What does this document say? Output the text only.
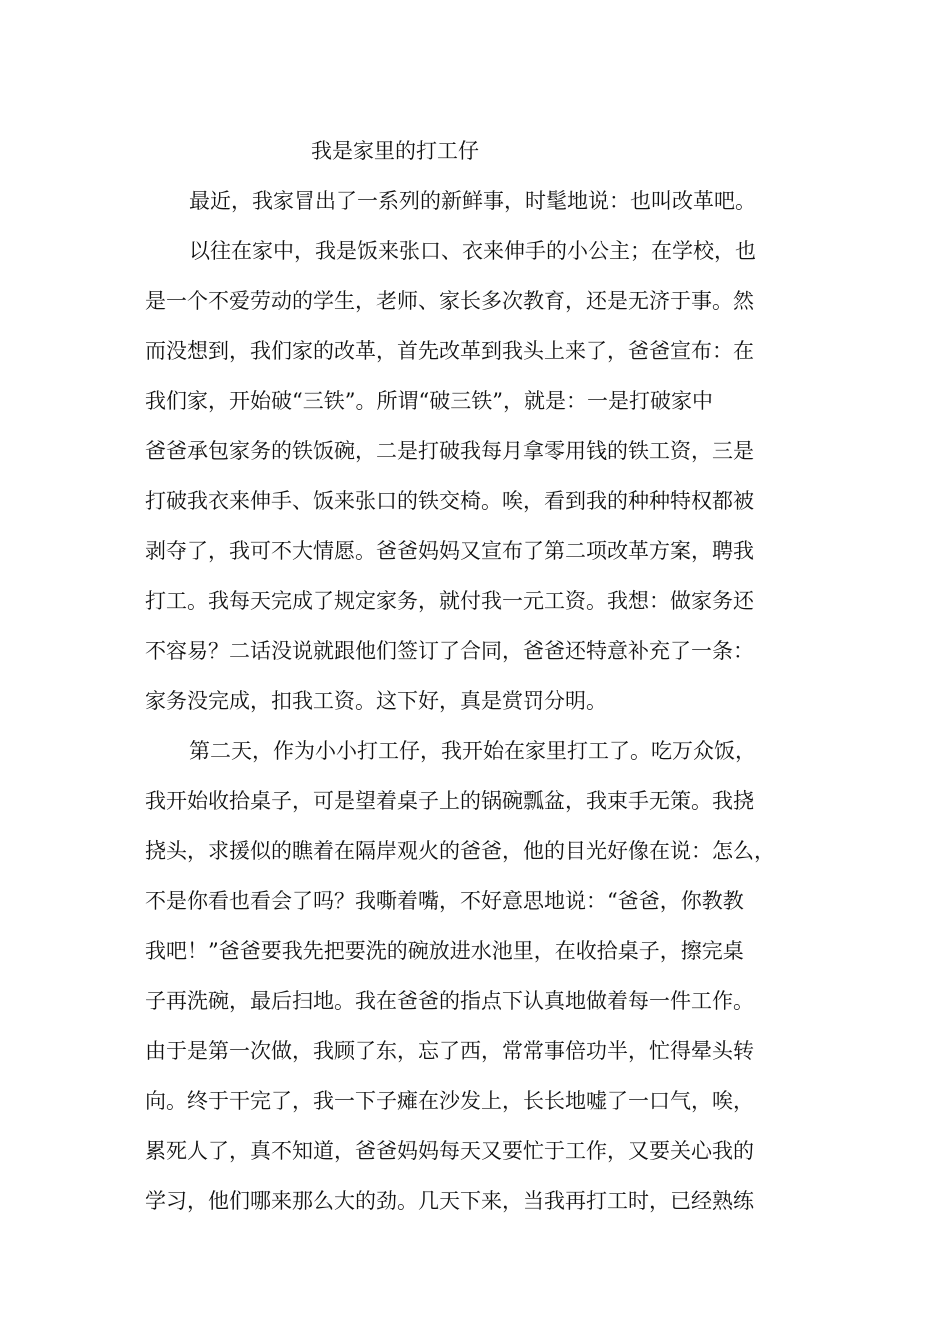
我是家里的打工仔

最近，我家冒出了一系列的新鲜事，时髦地说：也叫改革吧。

以往在家中，我是饭来张口、衣来伸手的小公主；在学校，也

是一个不爱劳动的学生，老师、家长多次教育，还是无济于事。然

而没想到，我们家的改革，首先改革到我头上来了，爸爸宣布：在

我们家，开始破“三铁”。所谓“破三铁”，就是：一是打破家中

爸爸承包家务的铁饭碗，二是打破我每月拿零用钱的铁工资，三是

打破我衣来伸手、饭来张口的铁交椅。唉，看到我的种种特权都被

剥夺了，我可不大情愿。爸爸妈妈又宣布了第二项改革方案，聘我

打工。我每天完成了规定家务，就付我一元工资。我想：做家务还

不容易？二话没说就跟他们签订了合同，爸爸还特意补充了一条：

家务没完成，扣我工资。这下好，真是赏罚分明。

第二天，作为小小打工仔，我开始在家里打工了。吃万众饭，

我开始收拾桌子，可是望着桌子上的锅碗瓢盆，我束手无策。我挠

挠头，求援似的瞧着在隔岸观火的爸爸，他的目光好像在说：怎么，

不是你看也看会了吗？我嘶着嘴，不好意思地说：“爸爸，你教教

我吧！”爸爸要我先把要洗的碗放进水池里，在收拾桌子，擦完桌

子再洗碗，最后扫地。我在爸爸的指点下认真地做着每一件工作。

由于是第一次做，我顾了东，忘了西，常常事倍功半，忙得晕头转

向。终于干完了，我一下子瘫在沙发上，长长地嘘了一口气，唉，

累死人了，真不知道，爸爸妈妈每天又要忙于工作，又要关心我的

学习，他们哪来那么大的劲。几天下来，当我再打工时，已经熟练
